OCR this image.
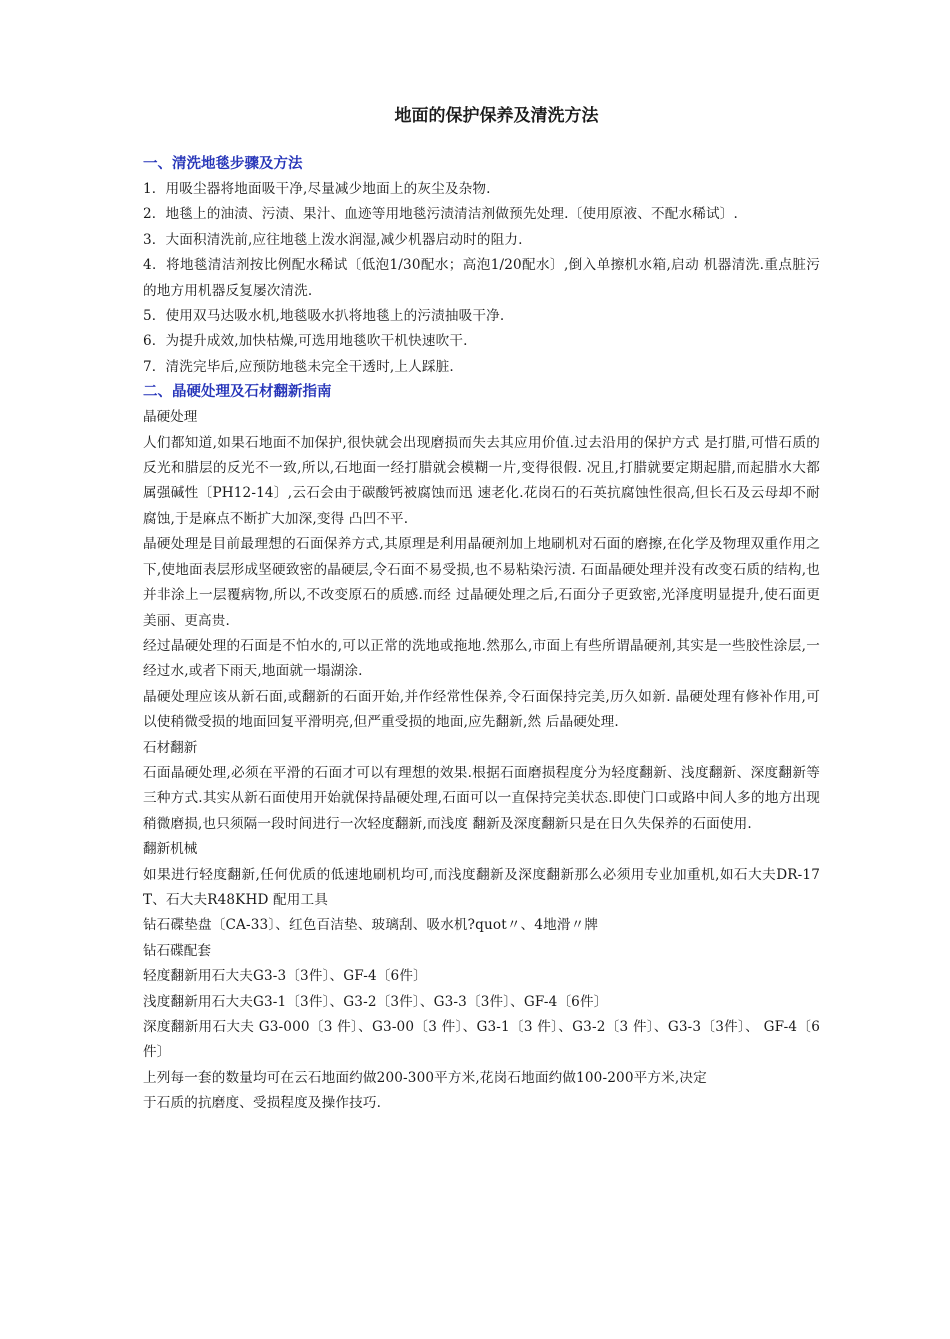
地面的保护保养及清洗方法
一、清洗地毯步骤及方法
1．用吸尘器将地面吸干净,尽量减少地面上的灰尘及杂物.
2．地毯上的油渍、污渍、果汁、血迹等用地毯污渍清洁剂做预先处理.〔使用原液、不配水稀试〕.
3．大面积清洗前,应往地毯上泼水润湿,减少机器启动时的阻力.
4．将地毯清洁剂按比例配水稀试〔低泡1/30配水；高泡1/20配水〕,倒入单擦机水箱,启动 机器清洗.重点脏污的地方用机器反复屡次清洗.
5．使用双马达吸水机,地毯吸水扒将地毯上的污渍抽吸干净.
6．为提升成效,加快枯燥,可选用地毯吹干机快速吹干.
7．清洗完毕后,应预防地毯未完全干透时,上人踩脏.
二、晶硬处理及石材翻新指南
晶硬处理
人们都知道,如果石地面不加保护,很快就会出现磨损而失去其应用价值.过去沿用的保护方式 是打腊,可惜石质的反光和腊层的反光不一致,所以,石地面一经打腊就会模糊一片,变得很假. 况且,打腊就要定期起腊,而起腊水大都属强碱性〔PH12-14〕,云石会由于碳酸钙被腐蚀而迅 速老化.花岗石的石英抗腐蚀性很高,但长石及云母却不耐腐蚀,于是麻点不断扩大加深,变得 凸凹不平.
晶硬处理是目前最理想的石面保养方式,其原理是利用晶硬剂加上地刷机对石面的磨擦,在化学及物理双重作用之下,使地面表层形成坚硬致密的晶硬层,令石面不易受损,也不易粘染污渍. 石面晶硬处理并没有改变石质的结构,也并非涂上一层覆病物,所以,不改变原石的质感.而经 过晶硬处理之后,石面分子更致密,光泽度明显提升,使石面更美丽、更高贵.
经过晶硬处理的石面是不怕水的,可以正常的洗地或拖地.然那么,市面上有些所谓晶硬剂,其实是一些胶性涂层,一经过水,或者下雨天,地面就一塌湖涂.
晶硬处理应该从新石面,或翻新的石面开始,并作经常性保养,令石面保持完美,历久如新. 晶硬处理有修补作用,可以使稍微受损的地面回复平滑明亮,但严重受损的地面,应先翻新,然 后晶硬处理.
石材翻新
石面晶硬处理,必须在平滑的石面才可以有理想的效果.根据石面磨损程度分为轻度翻新、浅度翻新、深度翻新等三种方式.其实从新石面使用开始就保持晶硬处理,石面可以一直保持完美状态.即使门口或路中间人多的地方出现稍微磨损,也只须隔一段时间进行一次轻度翻新,而浅度 翻新及深度翻新只是在日久失保养的石面使用.
翻新机械
如果进行轻度翻新,任何优质的低速地刷机均可,而浅度翻新及深度翻新那么必须用专业加重机,如石大夫DR-17T、石大夫R48KHD 配用工具
钻石碟垫盘〔CA-33〕、红色百洁垫、玻璃刮、吸水机?quot〃、4地滑〃牌
钻石碟配套
轻度翻新用石大夫G3-3〔3件〕、GF-4〔6件〕
浅度翻新用石大夫G3-1〔3件〕、G3-2〔3件〕、G3-3〔3件〕、GF-4〔6件〕
深度翻新用石大夫 G3-000〔3 件〕、G3-00〔3 件〕、G3-1〔3 件〕、G3-2〔3 件〕、G3-3〔3件〕、 GF-4〔6 件〕
上列每一套的数量均可在云石地面约做200-300平方米,花岗石地面约做100-200平方米,决定
于石质的抗磨度、受损程度及操作技巧.
